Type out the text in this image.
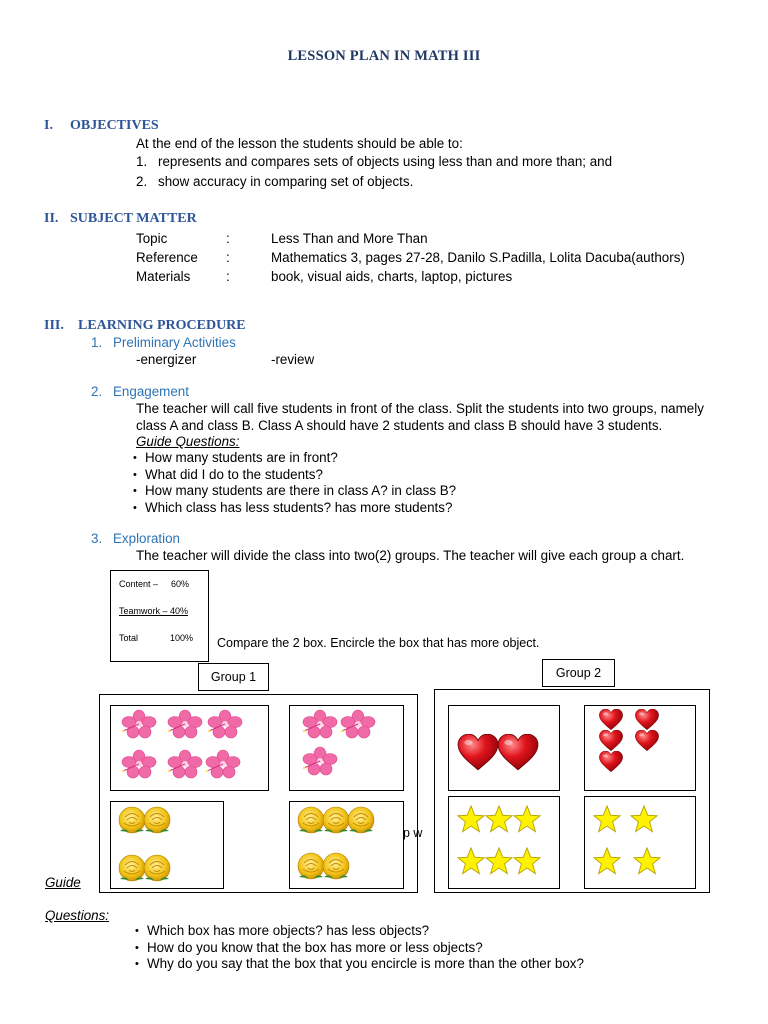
LESSON PLAN IN MATH III
I. OBJECTIVES
At the end of the lesson the students should be able to:
1. represents and compares sets of objects using less than and more than; and
2. show accuracy in comparing set of objects.
II. SUBJECT MATTER
Topic	:	Less Than and More Than
Reference :	Mathematics 3, pages 27-28, Danilo S.Padilla, Lolita Dacuba(authors)
Materials	:	book, visual aids, charts, laptop, pictures
III. LEARNING PROCEDURE
1. Preliminary Activities
-energizer	-review
2. Engagement
The teacher will call five students in front of the class. Split the students into two groups, namely
class A and class B. Class A should have 2 students and class B should have 3 students.
Guide Questions:
• How many students are in front?
• What did I do to the students?
• How many students are there in class A? in class B?
• Which class has less students? has more students?
3. Exploration
The teacher will divide the class into two(2) groups. The teacher will give each group a chart.
Content – 60%
Teamwork – 40%
Total	100% Compare the 2 box. Encircle the box that has more object.
Group 1	Group 2
p w
Guide
Questions:
• Which box has more objects? has less objects?
• How do you know that the box has more or less objects?
• Why do you say that the box that you encircle is more than the other box?
